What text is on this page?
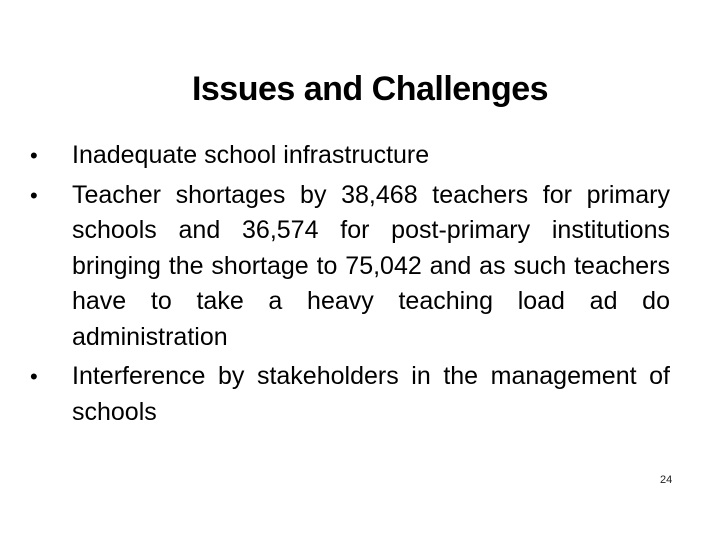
Issues and Challenges
• Inadequate school infrastructure
• Teacher shortages by 38,468 teachers for primary schools and 36,574 for post-primary institutions bringing the shortage to 75,042 and as such teachers have to take a heavy teaching load ad do administration
• Interference by stakeholders in the management of schools
24
